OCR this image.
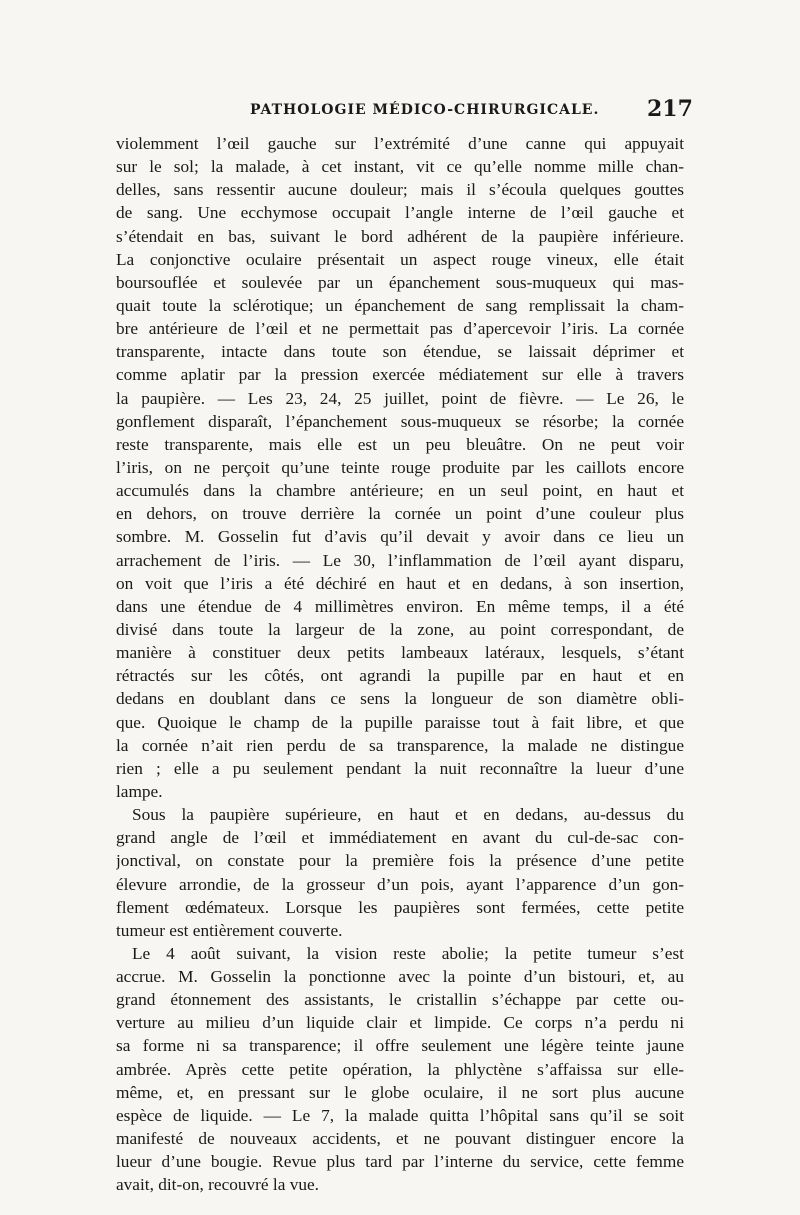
PATHOLOGIE MÉDICO-CHIRURGICALE. 217
violemment l’œil gauche sur l’extrémité d’une canne qui appuyait
sur le sol; la malade, à cet instant, vit ce qu’elle nomme mille chan-
delles, sans ressentir aucune douleur; mais il s’écoula quelques gouttes
de sang. Une ecchymose occupait l’angle interne de l’œil gauche et
s’étendait en bas, suivant le bord adhérent de la paupière inférieure.
La conjonctive oculaire présentait un aspect rouge vineux, elle était
boursouflée et soulevée par un épanchement sous-muqueux qui mas-
quait toute la sclérotique; un épanchement de sang remplissait la cham-
bre antérieure de l’œil et ne permettait pas d’apercevoir l’iris. La cornée
transparente, intacte dans toute son étendue, se laissait déprimer et
comme aplatir par la pression exercée médiatement sur elle à travers
la paupière. — Les 23, 24, 25 juillet, point de fièvre. — Le 26, le
gonflement disparaît, l’épanchement sous-muqueux se résorbe; la cornée
reste transparente, mais elle est un peu bleuâtre. On ne peut voir
l’iris, on ne perçoit qu’une teinte rouge produite par les caillots encore
accumulés dans la chambre antérieure; en un seul point, en haut et
en dehors, on trouve derrière la cornée un point d’une couleur plus
sombre. M. Gosselin fut d’avis qu’il devait y avoir dans ce lieu un
arrachement de l’iris. — Le 30, l’inflammation de l’œil ayant disparu,
on voit que l’iris a été déchiré en haut et en dedans, à son insertion,
dans une étendue de 4 millimètres environ. En même temps, il a été
divisé dans toute la largeur de la zone, au point correspondant, de
manière à constituer deux petits lambeaux latéraux, lesquels, s’étant
rétractés sur les côtés, ont agrandi la pupille par en haut et en
dedans en doublant dans ce sens la longueur de son diamètre obli-
que. Quoique le champ de la pupille paraisse tout à fait libre, et que
la cornée n’ait rien perdu de sa transparence, la malade ne distingue
rien ; elle a pu seulement pendant la nuit reconnaître la lueur d’une
lampe.
Sous la paupière supérieure, en haut et en dedans, au-dessus du
grand angle de l’œil et immédiatement en avant du cul-de-sac con-
jonctival, on constate pour la première fois la présence d’une petite
élevure arrondie, de la grosseur d’un pois, ayant l’apparence d’un gon-
flement œdémateux. Lorsque les paupières sont fermées, cette petite
tumeur est entièrement couverte.
Le 4 août suivant, la vision reste abolie; la petite tumeur s’est
accrue. M. Gosselin la ponctionne avec la pointe d’un bistouri, et, au
grand étonnement des assistants, le cristallin s’échappe par cette ou-
verture au milieu d’un liquide clair et limpide. Ce corps n’a perdu ni
sa forme ni sa transparence; il offre seulement une légère teinte jaune
ambrée. Après cette petite opération, la phlyctène s’affaissa sur elle-
même, et, en pressant sur le globe oculaire, il ne sort plus aucune
espèce de liquide. — Le 7, la malade quitta l’hôpital sans qu’il se soit
manifesté de nouveaux accidents, et ne pouvant distinguer encore la
lueur d’une bougie. Revue plus tard par l’interne du service, cette femme
avait, dit-on, recouvré la vue.
